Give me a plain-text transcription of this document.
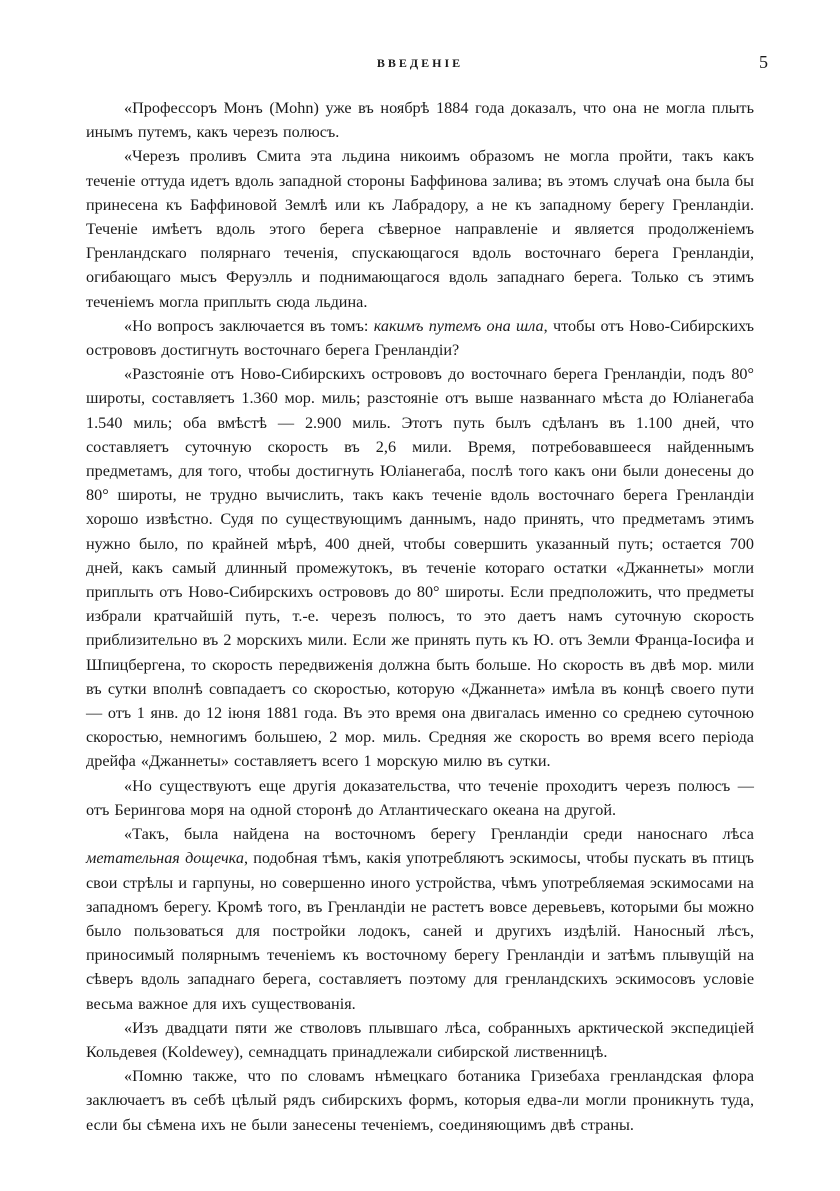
ВВЕДЕНІЕ	5

«Профессоръ Монъ (Mohn) уже въ ноябрѣ 1884 года доказалъ, что она не могла плыть инымъ путемъ, какъ черезъ полюсъ.

«Черезъ проливъ Смита эта льдина никоимъ образомъ не могла пройти, такъ какъ теченіе оттуда идетъ вдоль западной стороны Баффинова залива; въ этомъ случаѣ она была бы принесена къ Баффиновой Землѣ или къ Лабрадору, а не къ западному берегу Гренландіи. Теченіе имѣетъ вдоль этого берега сѣверное направленіе и является продолженіемъ Гренландскаго полярнаго теченія, спускающагося вдоль восточнаго берега Гренландіи, огибающаго мысъ Феруэлль и поднимающагося вдоль западнаго берега. Только съ этимъ теченіемъ могла приплыть сюда льдина.

«Но вопросъ заключается въ томъ: какимъ путемъ она шла, чтобы отъ Ново-Сибирскихъ острововъ достигнуть восточнаго берега Гренландіи?

«Разстояніе отъ Ново-Сибирскихъ острововъ до восточнаго берега Гренландіи, подъ 80° широты, составляетъ 1.360 мор. миль; разстояніе отъ выше названнаго мѣста до Юліанегаба 1.540 миль; оба вмѣстѣ — 2.900 миль. Этотъ путь былъ сдѣланъ въ 1.100 дней, что составляетъ суточную скорость въ 2,6 мили. Время, потребовавшееся найденнымъ предметамъ, для того, чтобы достигнуть Юліанегаба, послѣ того какъ они были донесены до 80° широты, не трудно вычислить, такъ какъ теченіе вдоль восточнаго берега Гренландіи хорошо извѣстно. Судя по существующимъ даннымъ, надо принять, что предметамъ этимъ нужно было, по крайней мѣрѣ, 400 дней, чтобы совершить указанный путь; остается 700 дней, какъ самый длинный промежутокъ, въ теченіе котораго остатки «Джаннеты» могли приплыть отъ Ново-Сибирскихъ острововъ до 80° широты. Если предположить, что предметы избрали кратчайшій путь, т.-е. черезъ полюсъ, то это даетъ намъ суточную скорость приблизительно въ 2 морскихъ мили. Если же принять путь къ Ю. отъ Земли Франца-Іосифа и Шпицбергена, то скорость передвиженія должна быть больше. Но скорость въ двѣ мор. мили въ сутки вполнѣ совпадаетъ со скоростью, которую «Джаннета» имѣла въ концѣ своего пути — отъ 1 янв. до 12 іюня 1881 года. Въ это время она двигалась именно со среднею суточною скоростью, немногимъ большею, 2 мор. миль. Средняя же скорость во время всего періода дрейфа «Джаннеты» составляетъ всего 1 морскую милю въ сутки.

«Но существуютъ еще другія доказательства, что теченіе проходитъ черезъ полюсъ — отъ Берингова моря на одной сторонѣ до Атлантическаго океана на другой.

«Такъ, была найдена на восточномъ берегу Гренландіи среди наноснаго лѣса метательная дощечка, подобная тѣмъ, какія употребляютъ эскимосы, чтобы пускать въ птицъ свои стрѣлы и гарпуны, но совершенно иного устройства, чѣмъ употребляемая эскимосами на западномъ берегу. Кромѣ того, въ Гренландіи не растетъ вовсе деревьевъ, которыми бы можно было пользоваться для постройки лодокъ, саней и другихъ издѣлій. Наносный лѣсъ, приносимый полярнымъ теченіемъ къ восточному берегу Гренландіи и затѣмъ плывущій на сѣверъ вдоль западнаго берега, составляетъ поэтому для гренландскихъ эскимосовъ условіе весьма важное для ихъ существованія.

«Изъ двадцати пяти же стволовъ плывшаго лѣса, собранныхъ арктической экспедиціей Кольдевея (Koldewey), семнадцать принадлежали сибирской лиственницѣ.

«Помню также, что по словамъ нѣмецкаго ботаника Гризебаха гренландская флора заключаетъ въ себѣ цѣлый рядъ сибирскихъ формъ, которыя едва-ли могли проникнуть туда, если бы сѣмена ихъ не были занесены теченіемъ, соединяющимъ двѣ страны.
